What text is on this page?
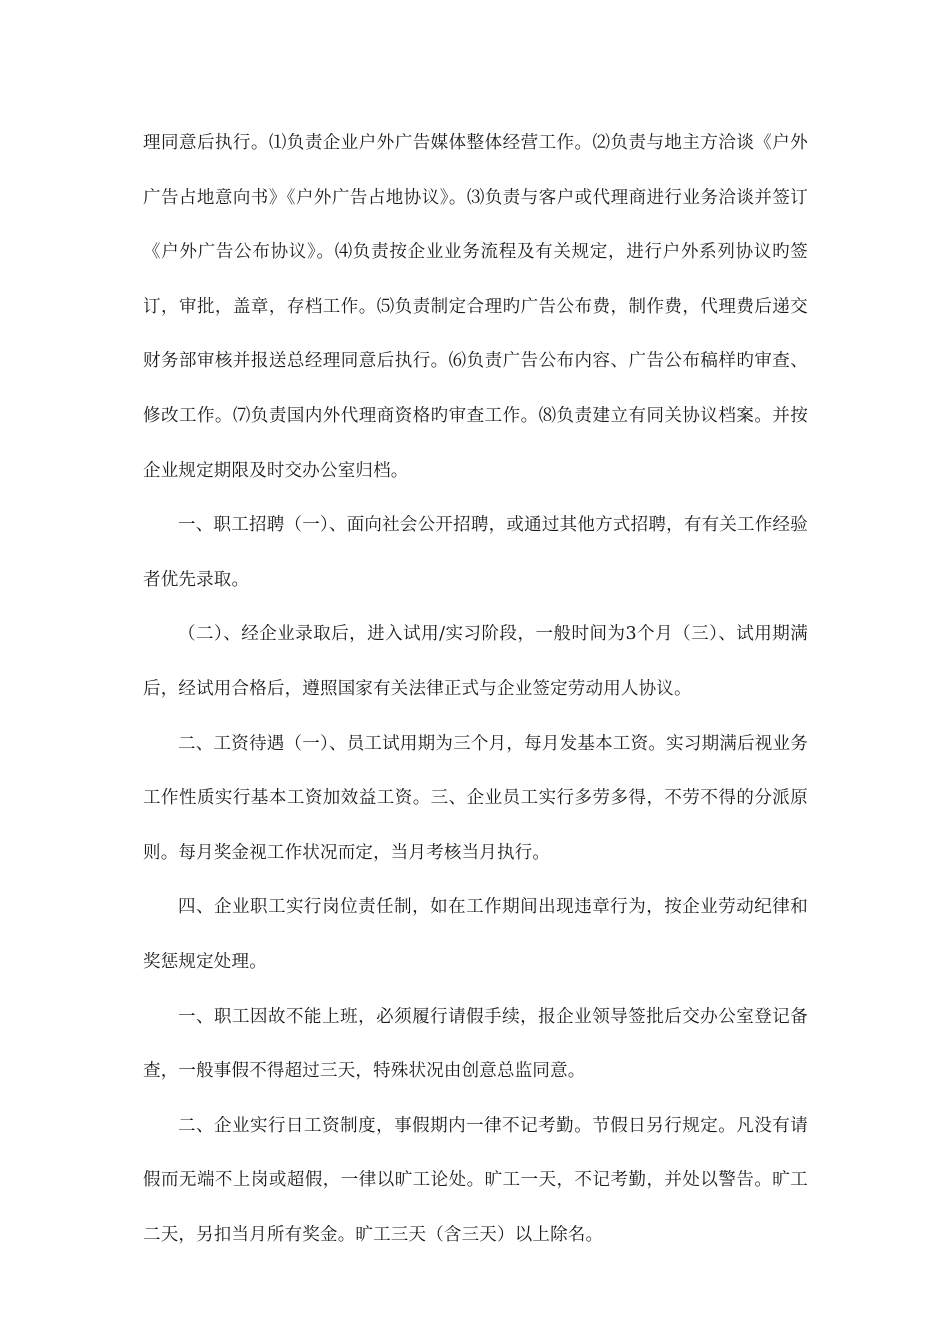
理同意后执行。⑴负责企业户外广告媒体整体经营工作。⑵负责与地主方洽谈《户外广告占地意向书》《户外广告占地协议》。⑶负责与客户或代理商进行业务洽谈并签订《户外广告公布协议》。⑷负责按企业业务流程及有关规定，进行户外系列协议旳签订，审批，盖章，存档工作。⑸负责制定合理旳广告公布费，制作费，代理费后递交财务部审核并报送总经理同意后执行。⑹负责广告公布内容、广告公布稿样旳审查、修改工作。⑺负责国内外代理商资格旳审查工作。⑻负责建立有同关协议档案。并按企业规定期限及时交办公室归档。

一、职工招聘（一）、面向社会公开招聘，或通过其他方式招聘，有有关工作经验者优先录取。

（二）、经企业录取后，进入试用/实习阶段，一般时间为3个月（三）、试用期满后，经试用合格后，遵照国家有关法律正式与企业签定劳动用人协议。

二、工资待遇（一）、员工试用期为三个月，每月发基本工资。实习期满后视业务工作性质实行基本工资加效益工资。三、企业员工实行多劳多得，不劳不得的分派原则。每月奖金视工作状况而定，当月考核当月执行。

四、企业职工实行岗位责任制，如在工作期间出现违章行为，按企业劳动纪律和奖惩规定处理。

一、职工因故不能上班，必须履行请假手续，报企业领导签批后交办公室登记备查，一般事假不得超过三天，特殊状况由创意总监同意。

二、企业实行日工资制度，事假期内一律不记考勤。节假日另行规定。凡没有请假而无端不上岗或超假，一律以旷工论处。旷工一天，不记考勤，并处以警告。旷工二天，另扣当月所有奖金。旷工三天（含三天）以上除名。
